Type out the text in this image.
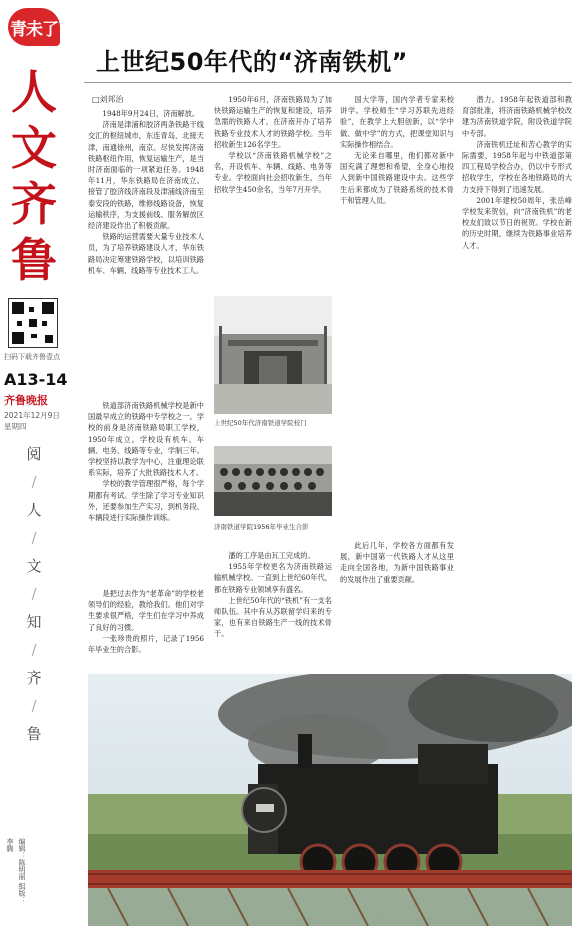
青未了
人
文
齐
鲁
扫码下载齐鲁壹点
A13-14
齐鲁晚报
2021年12月9日
星期四
阅
/
人
/
文
/
知
/
齐
/
鲁
编辑：陈明丽 组版：李腾
上世纪50年代的“济南铁机”
□刘邦治

1948年9月24日，济南解放。

济南是津浦和胶济两条铁路干线交汇的枢纽城市，东连青岛，北接天津，南通徐州，南京。尽快发挥济南铁路枢纽作用，恢复运输生产，是当时济南面临的一项紧迫任务。1948年11月，华东铁路局在济南成立。接管了胶济线济南段及津浦线济南至泰安段的铁路，维修线路设备，恢复运输秩序，为支援前线、服务解放区经济建设作出了积极贡献。

铁路的运营需要大量专业技术人员，为了培养铁路建设人才，华东铁路局决定筹建铁路学校，以培训铁路机车、车辆、线路等专业技术工人。

铁道部济南铁路机械学校是新中国最早成立的铁路中专学校之一。学校的前身是济南铁路局职工学校，1950年成立。学校设有机车、车辆、电务、线路等专业，学制三年。学校坚持以教学为中心，注重理论联系实际，培养了大批铁路技术人才。

学校的教学管理很严格，每个学期都有考试。学生除了学习专业知识外，还要参加生产实习，到机务段、车辆段进行实际操作训练。

是把过去作为“老革命”的学校老领导们的经验，教给我们。他们对学生要求很严格，学生们在学习中养成了良好的习惯。

一张珍贵的照片，记录了1956年毕业生的合影。

1950年6月，济南铁路局为了加快铁路运输生产的恢复和建设，培养急需的铁路人才，在济南开办了培养铁路专业技术人才的铁路学校。当年招收新生126名学生。

学校以“济南铁路机械学校”之名，开设机车、车辆、线路、电务等专业。学校面向社会招收新生，当年招收学生450余名，当年7月开学。

上世纪50年代济南铁道学院校门
济南铁道学院1956年毕业生合影

潘的工序是由瓦工完成的。

1955年学校更名为济南铁路运输机械学校。一直到上世纪60年代，都在铁路专业领域享有盛名。

上世纪50年代的“铁机”有一支名师队伍。其中有从苏联留学归来的专家，也有来自铁路生产一线的技术骨干。

国大学等，国内学者专家来校讲学。学校师生“学习苏联先进经验”，在教学上大胆创新，以“学中做、做中学”的方式，把课堂知识与实际操作相结合。

无论来自哪里，他们都对新中国充满了理想和希望，全身心地投入到新中国铁路建设中去。这些学生后来都成为了铁路系统的技术骨干和管理人员。

此后几年，学校各方面都有发展，新中国第一代铁路人才从这里走向全国各地，为新中国铁路事业的发展作出了重要贡献。

潜力。1958年起铁道部和教育部批准，将济南铁路机械学校改建为济南铁道学院，附设铁道学院中专部。

济南铁机迁址和苦心教学的实际需要，1958年起与中铁道部第四工程局学校合办，仍以中专形式招收学生，学校在各地铁路局的大力支持下得到了迅速发展。

2001年建校50周年，张岳峰学校发来贺信，向“济南铁机”的老校友们致以节日的祝贺。学校在新的历史时期，继续为铁路事业培养人才。
